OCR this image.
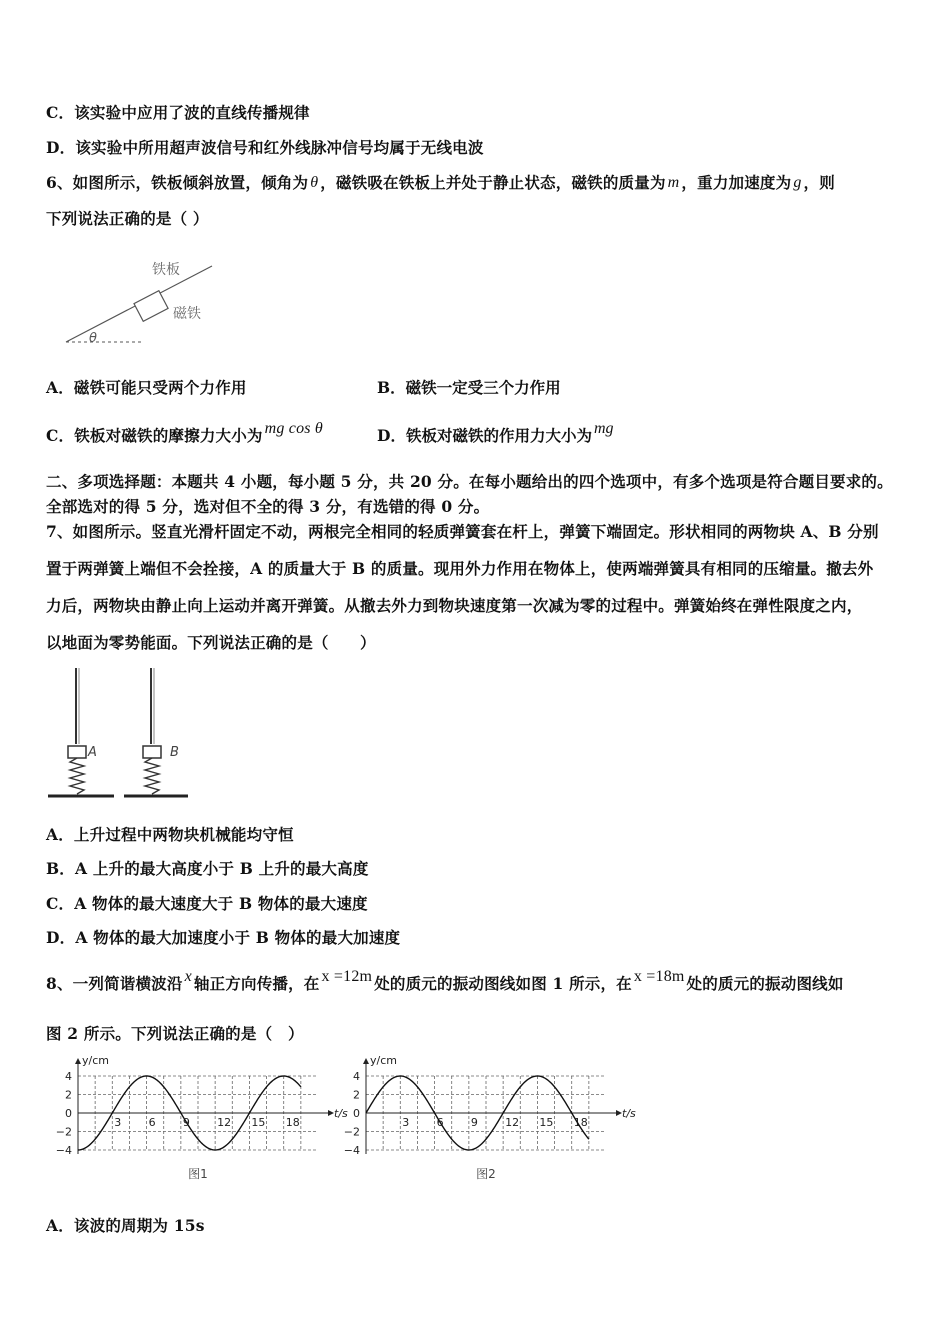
C．该实验中应用了波的直线传播规律
D．该实验中所用超声波信号和红外线脉冲信号均属于无线电波
6、如图所示，铁板倾斜放置，倾角为 θ ，磁铁吸在铁板上并处于静止状态，磁铁的质量为 m ，重力加速度为 g ，则
下列说法正确的是（ ）
铁板
磁铁
θ
A．磁铁可能只受两个力作用	B．磁铁一定受三个力作用
C．铁板对磁铁的摩擦力大小为 mg cos θ	D．铁板对磁铁的作用力大小为 mg
二、多项选择题：本题共 4 小题，每小题 5 分，共 20 分。在每小题给出的四个选项中，有多个选项是符合题目要求的。
全部选对的得 5 分，选对但不全的得 3 分，有选错的得 0 分。
7、如图所示。竖直光滑杆固定不动，两根完全相同的轻质弹簧套在杆上，弹簧下端固定。形状相同的两物块 A、B 分别
置于两弹簧上端但不会拴接，A 的质量大于 B 的质量。现用外力作用在物体上，使两端弹簧具有相同的压缩量。撤去外
力后，两物块由静止向上运动并离开弹簧。从撤去外力到物块速度第一次减为零的过程中。弹簧始终在弹性限度之内，
以地面为零势能面。下列说法正确的是（　　）
A	B
A．上升过程中两物块机械能均守恒
B．A 上升的最大高度小于 B 上升的最大高度
C．A 物体的最大速度大于 B 物体的最大速度
D．A 物体的最大加速度小于 B 物体的最大加速度
8、一列简谐横波沿 x 轴正方向传播，在 x =12m 处的质元的振动图线如图 1 所示，在 x =18m 处的质元的振动图线如
图 2 所示。下列说法正确的是（　）
y/cm
t/s
4
2
0
−2
−4
3 6 9 12 15 18
图1
y/cm
t/s
4
2
0
−2
−4
3 6 9 12 15 18
图2
A．该波的周期为 15s
